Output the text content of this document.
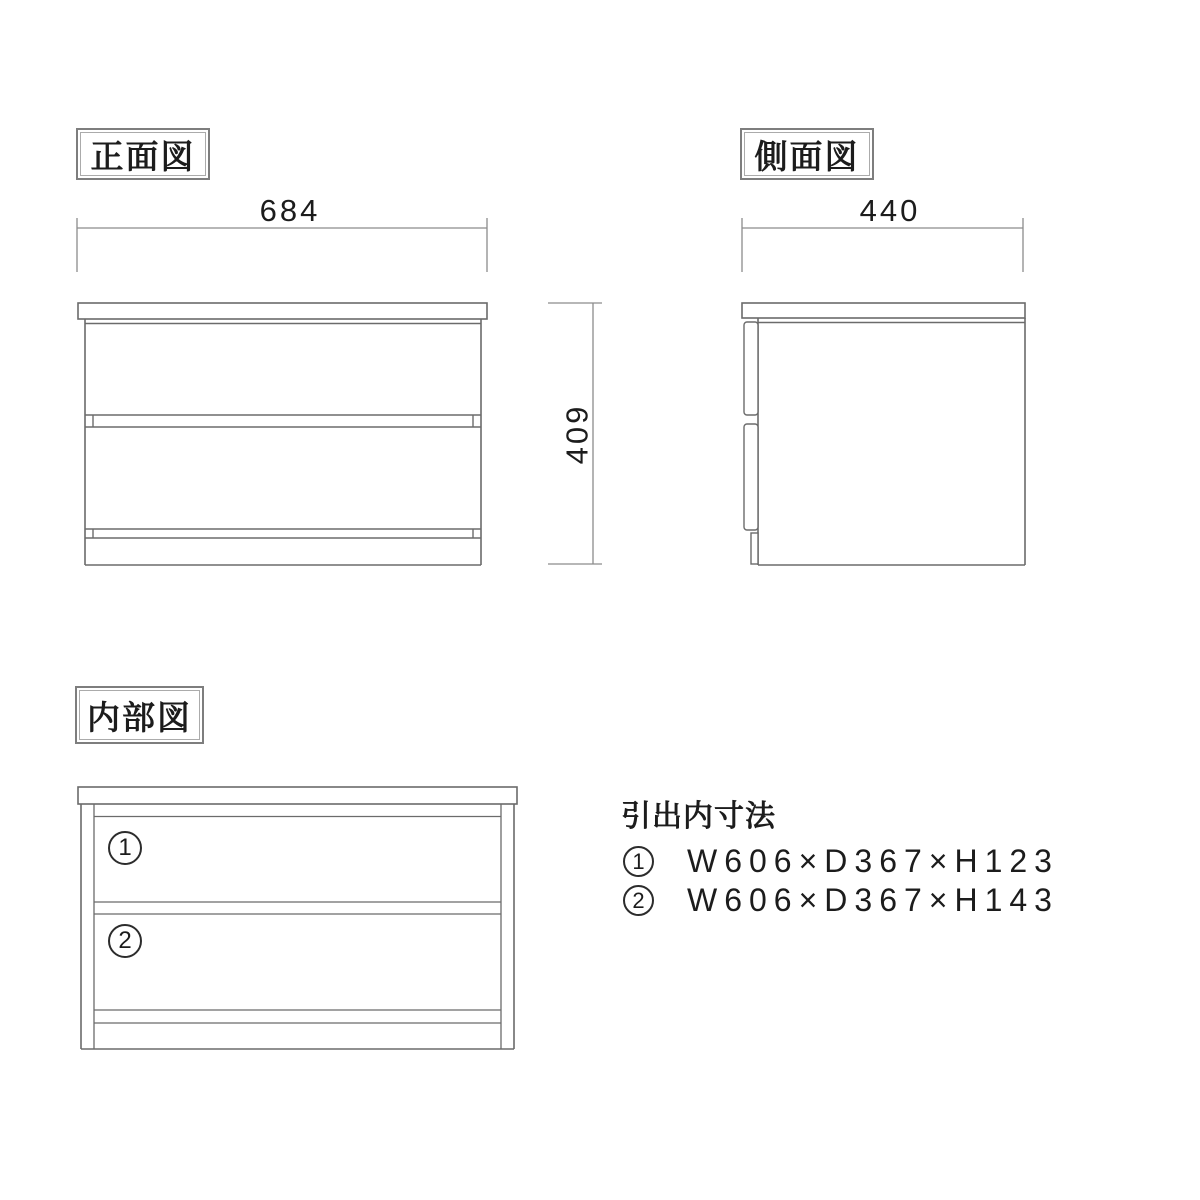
684
409
440
正面図	側面図
内部図
1
2
引出内寸法
1 W606×D367×H123
2 W606×D367×H143
